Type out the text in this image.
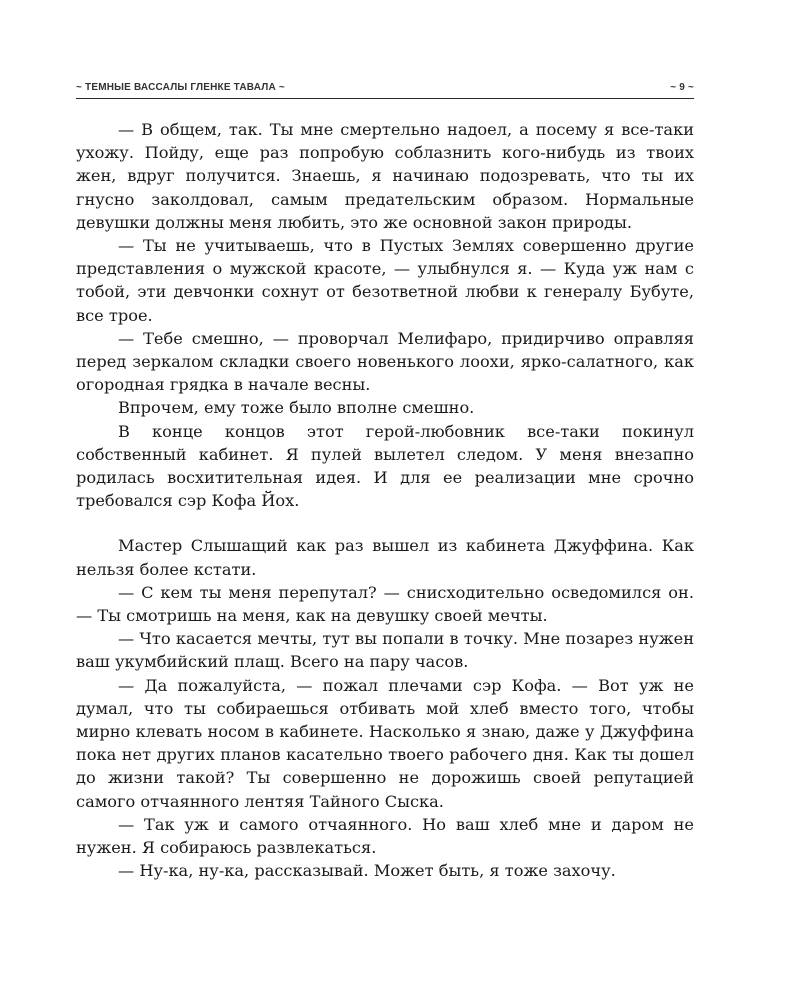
~ ТЕМНЫЕ ВАССАЛЫ ГЛЕНКЕ ТАВАЛА ~	~ 9 ~

— В общем, так. Ты мне смертельно надоел, а посему я все-таки ухожу. Пойду, еще раз попробую соблазнить кого-нибудь из твоих жен, вдруг получится. Знаешь, я начинаю подозревать, что ты их гнусно заколдовал, самым предательским образом. Нормальные девушки должны меня любить, это же основной закон природы.

— Ты не учитываешь, что в Пустых Землях совершенно другие представления о мужской красоте, — улыбнулся я. — Куда уж нам с тобой, эти девчонки сохнут от безответной любви к генералу Бубуте, все трое.

— Тебе смешно, — проворчал Мелифаро, придирчиво оправляя перед зеркалом складки своего новенького лоохи, ярко-салатного, как огородная грядка в начале весны.

Впрочем, ему тоже было вполне смешно.

В конце концов этот герой-любовник все-таки покинул собственный кабинет. Я пулей вылетел следом. У меня внезапно родилась восхитительная идея. И для ее реализации мне срочно требовался сэр Кофа Йох.

Мастер Слышащий как раз вышел из кабинета Джуффина. Как нельзя более кстати.

— С кем ты меня перепутал? — снисходительно осведомился он. — Ты смотришь на меня, как на девушку своей мечты.

— Что касается мечты, тут вы попали в точку. Мне позарез нужен ваш укумбийский плащ. Всего на пару часов.

— Да пожалуйста, — пожал плечами сэр Кофа. — Вот уж не думал, что ты собираешься отбивать мой хлеб вместо того, чтобы мирно клевать носом в кабинете. Насколько я знаю, даже у Джуффина пока нет других планов касательно твоего рабочего дня. Как ты дошел до жизни такой? Ты совершенно не дорожишь своей репутацией самого отчаянного лентяя Тайного Сыска.

— Так уж и самого отчаянного. Но ваш хлеб мне и даром не нужен. Я собираюсь развлекаться.

— Ну-ка, ну-ка, рассказывай. Может быть, я тоже захочу.
